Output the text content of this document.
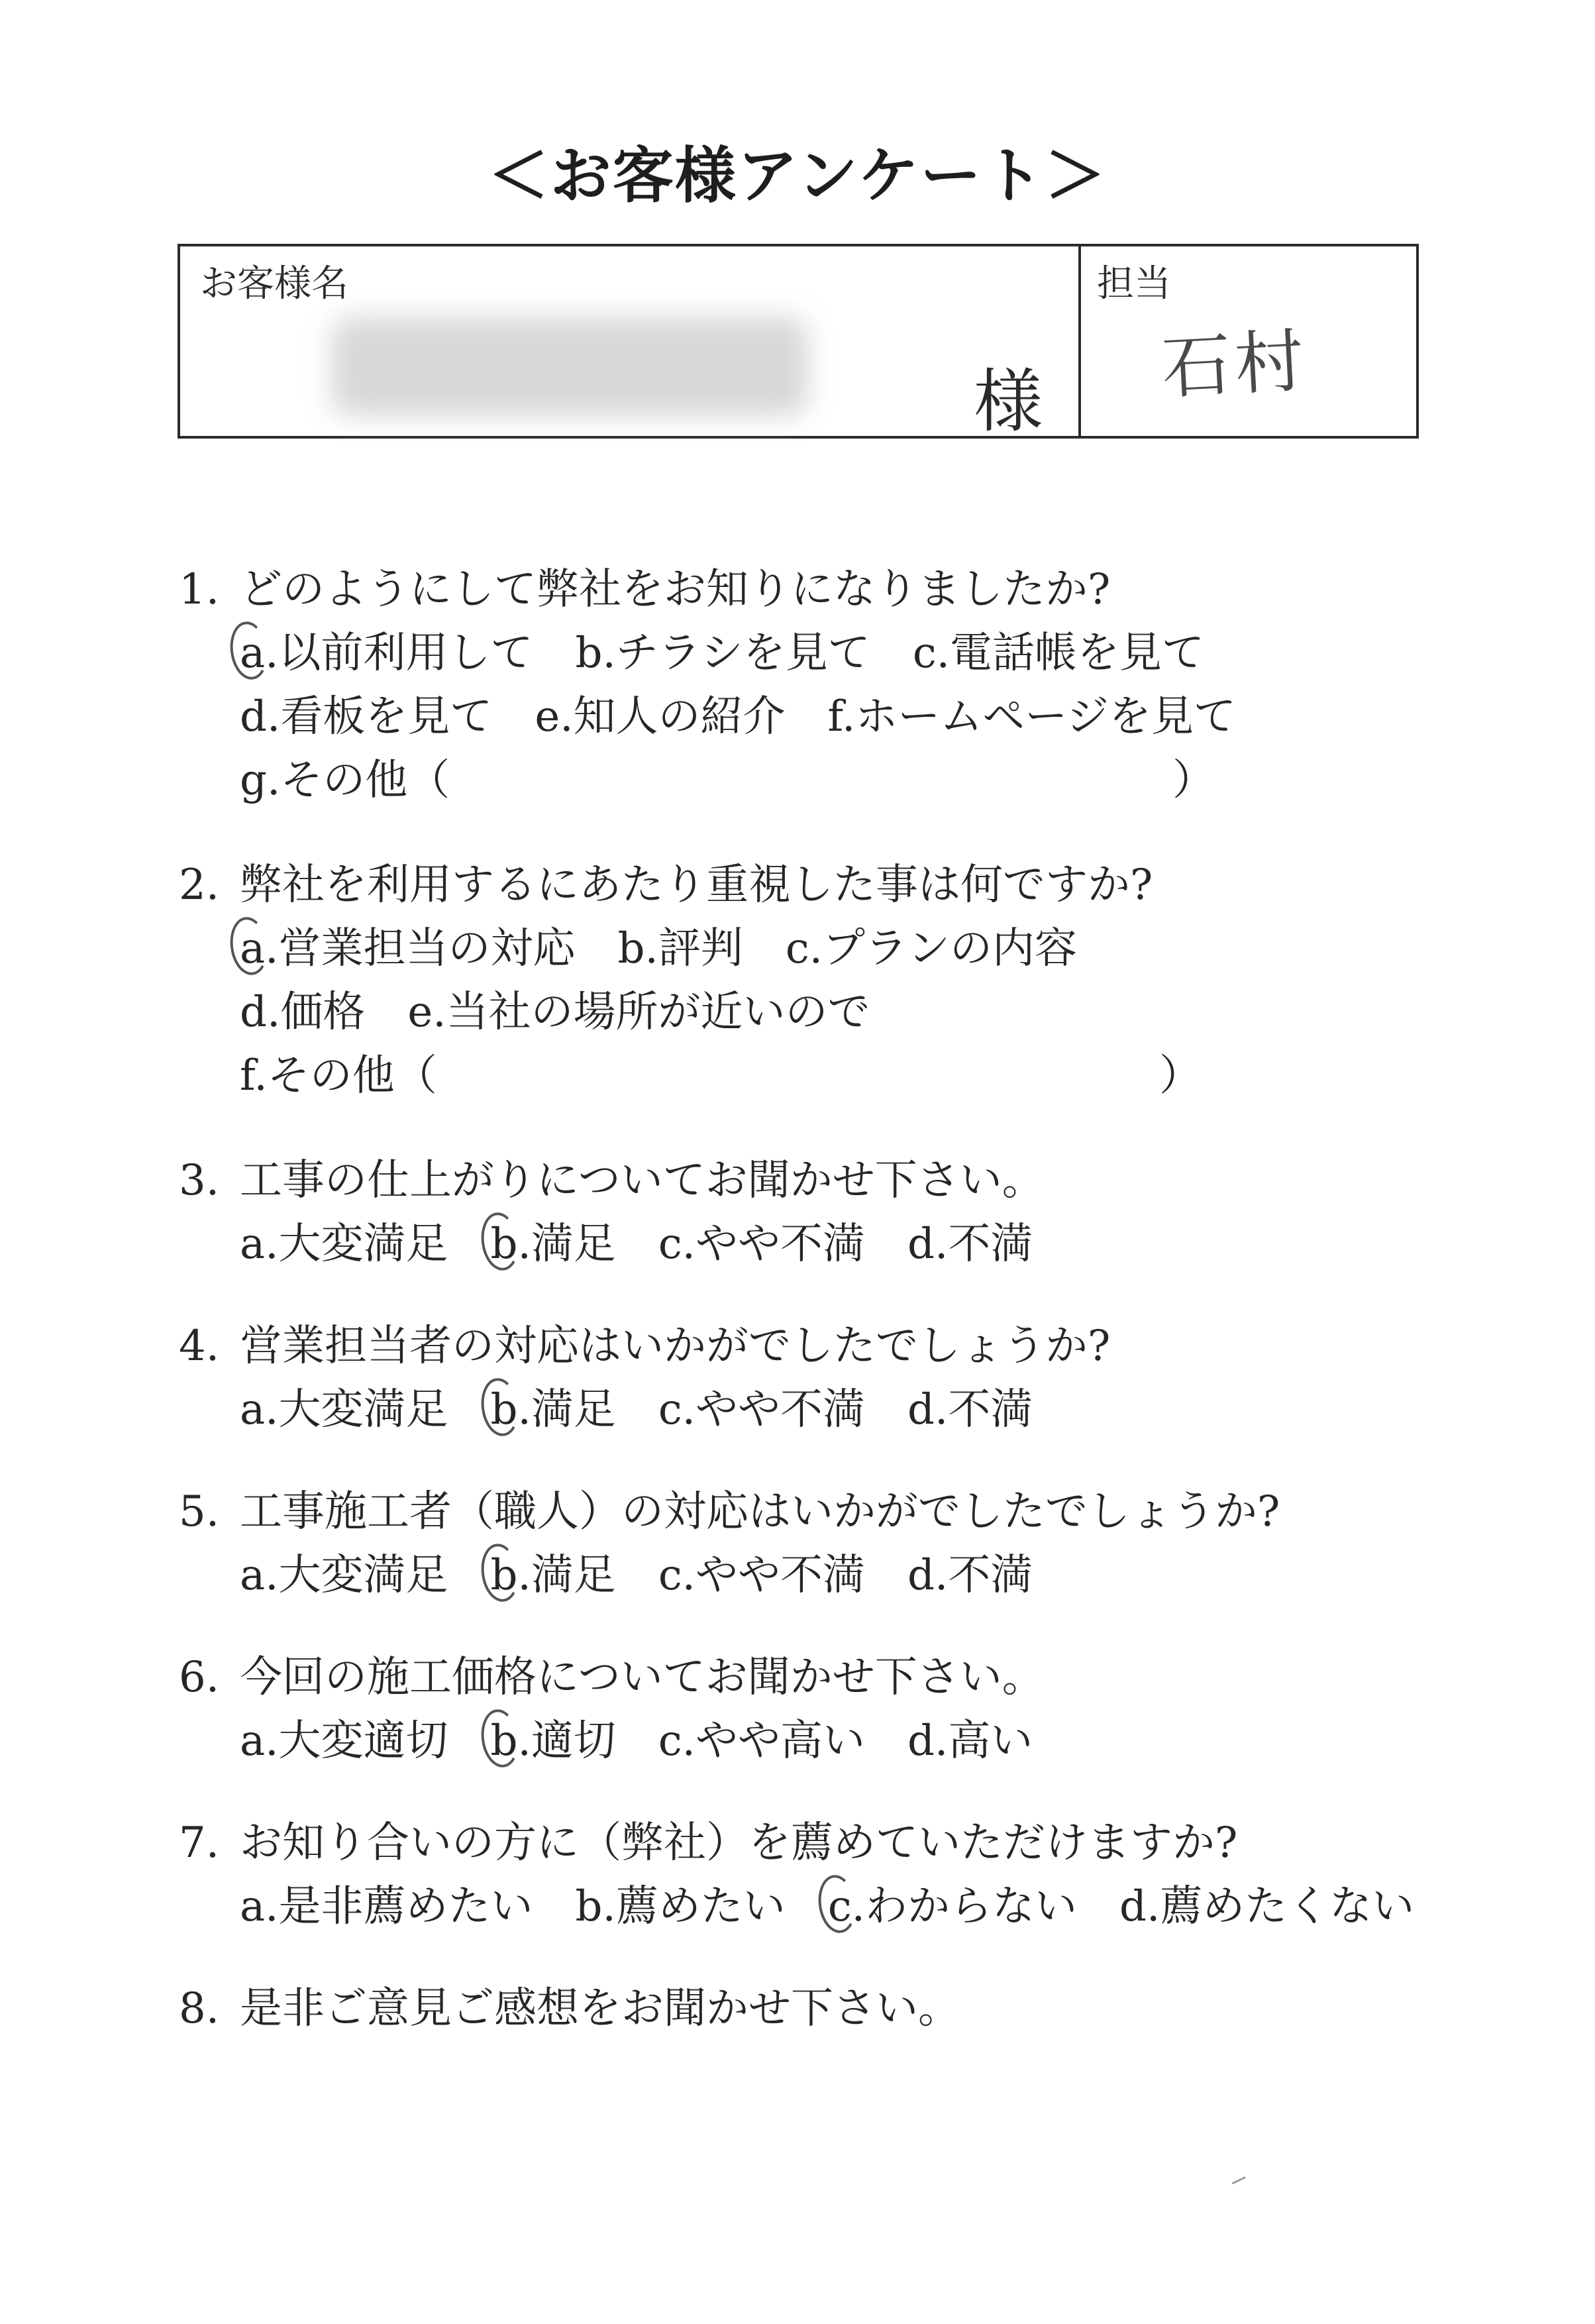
＜お客様アンケート＞
お客様名
様
担当
石村
1. どのようにして弊社をお知りになりましたか?
a.以前利用して b.チラシを見て c.電話帳を見て
d.看板を見て e.知人の紹介 f.ホームページを見て
g.その他（	）
2. 弊社を利用するにあたり重視した事は何ですか?
a.営業担当の対応 b.評判 c.プランの内容
d.価格 e.当社の場所が近いので
f.その他（	）
3. 工事の仕上がりについてお聞かせ下さい。
a.大変満足 b.満足 c.やや不満 d.不満
4. 営業担当者の対応はいかがでしたでしょうか?
a.大変満足 b.満足 c.やや不満 d.不満
5. 工事施工者（職人）の対応はいかがでしたでしょうか?
a.大変満足 b.満足 c.やや不満 d.不満
6. 今回の施工価格についてお聞かせ下さい。
a.大変適切 b.適切 c.やや高い d.高い
7. お知り合いの方に（弊社）を薦めていただけますか?
a.是非薦めたい b.薦めたい c.わからない d.薦めたくない
8. 是非ご意見ご感想をお聞かせ下さい。
